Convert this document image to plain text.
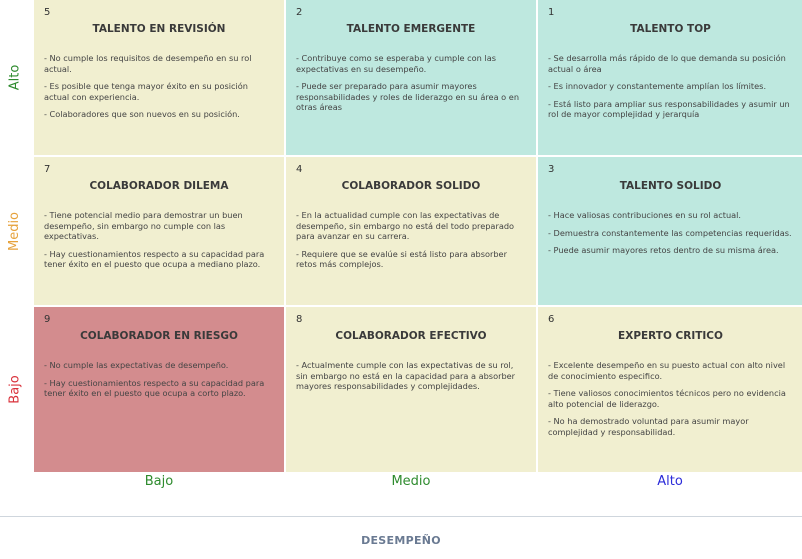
Alto
Medio
Bajo
5
TALENTO EN REVISIÓN
- No cumple los requisitos de desempeño en su rol actual.
- Es posible que tenga mayor éxito en su posición actual con experiencia.
- Colaboradores que son nuevos en su posición.
2
TALENTO EMERGENTE
- Contribuye como se esperaba y cumple con las expectativas en su desempeño.
- Puede ser preparado para asumir mayores responsabilidades y roles de liderazgo en su área o en otras áreas
1
TALENTO TOP
- Se desarrolla más rápido de lo que demanda su posición actual o área
- Es innovador y constantemente amplían los límites.
- Está listo para ampliar sus responsabilidades y asumir un rol de mayor complejidad y jerarquía
7
COLABORADOR DILEMA
- Tiene potencial medio para demostrar un buen desempeño, sin embargo no cumple con las expectativas.
- Hay cuestionamientos respecto a su capacidad para tener éxito en el puesto que ocupa a mediano plazo.
4
COLABORADOR SOLIDO
- En la actualidad cumple con las expectativas de desempeño, sin embargo no está del todo preparado para avanzar en su carrera.
- Requiere que se evalúe si está listo para absorber retos más complejos.
3
TALENTO SOLIDO
- Hace valiosas contribuciones en su rol actual.
- Demuestra constantemente las competencias requeridas.
- Puede asumir mayores retos dentro de su misma área.
9
COLABORADOR EN RIESGO
- No cumple las expectativas de desempeño.
- Hay cuestionamientos respecto a su capacidad para tener éxito en el puesto que ocupa a corto plazo.
8
COLABORADOR EFECTIVO
- Actualmente cumple con las expectativas de su rol, sin embargo no está en la capacidad para a absorber mayores responsabilidades y complejidades.
6
EXPERTO CRITICO
- Excelente desempeño en su puesto actual con alto nivel de conocimiento especifico.
- Tiene valiosos conocimientos técnicos pero no evidencia alto potencial de liderazgo.
- No ha demostrado voluntad para asumir mayor complejidad y responsabilidad.
Bajo	Medio	Alto
DESEMPEÑO
